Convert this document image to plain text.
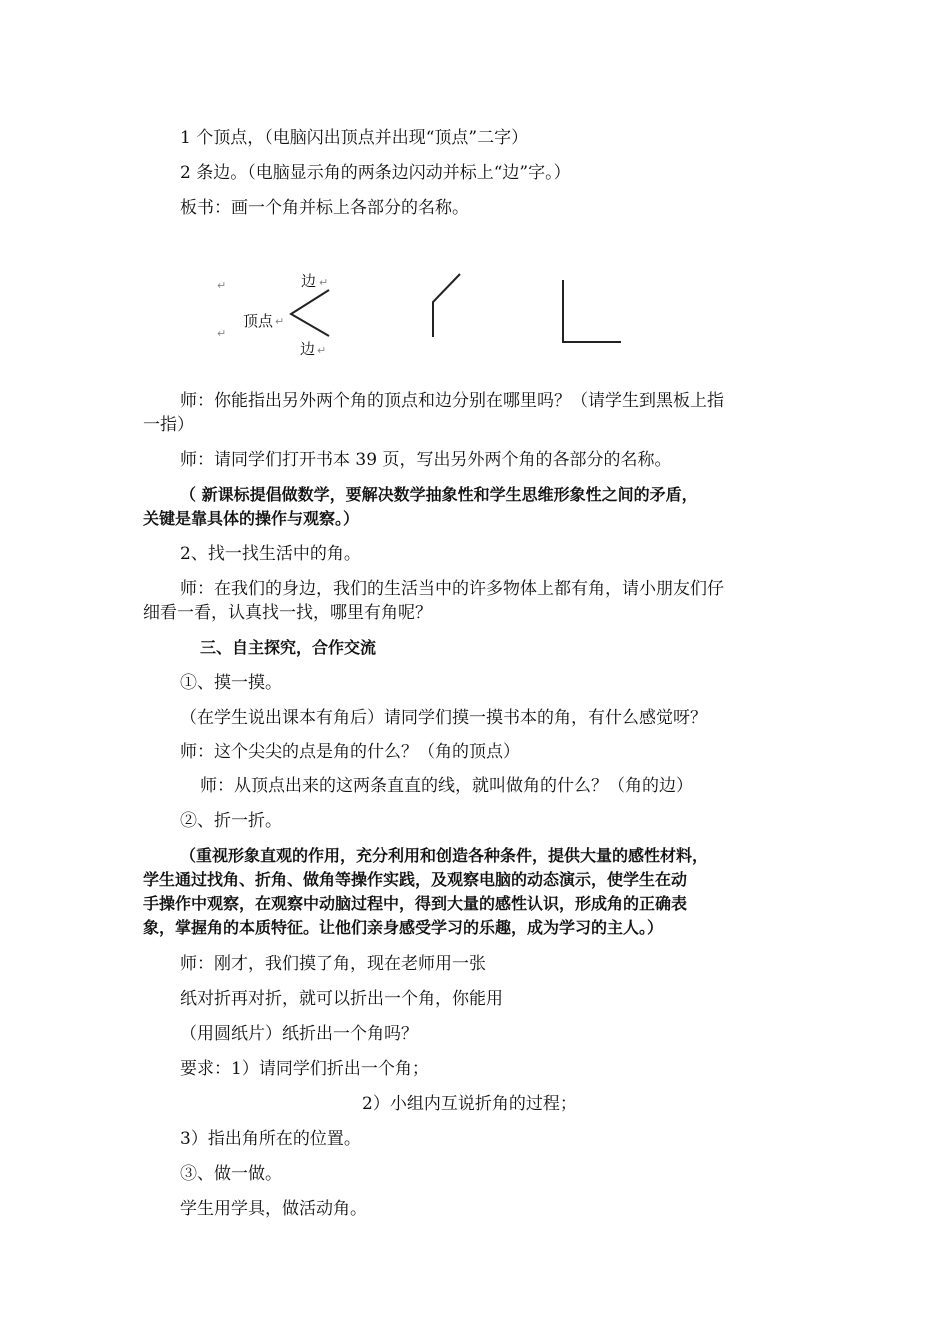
1 个顶点，（电脑闪出顶点并出现“顶点”二字）
2 条边。（电脑显示角的两条边闪动并标上“边”字。）
板书：画一个角并标上各部分的名称。
↵
↵
边 ↵
顶点 ↵
边 ↵
师：你能指出另外两个角的顶点和边分别在哪里吗？（请学生到黑板上指
一指）
师：请同学们打开书本 39 页，写出另外两个角的各部分的名称。
（ 新课标提倡做数学，要解决数学抽象性和学生思维形象性之间的矛盾，
关键是靠具体的操作与观察。）
2、找一找生活中的角。
师：在我们的身边，我们的生活当中的许多物体上都有角，请小朋友们仔
细看一看，认真找一找，哪里有角呢？
三、自主探究，合作交流
①、摸一摸。
（在学生说出课本有角后）请同学们摸一摸书本的角，有什么感觉呀？
师：这个尖尖的点是角的什么？（角的顶点）
师：从顶点出来的这两条直直的线，就叫做角的什么？（角的边）
②、折一折。
（重视形象直观的作用，充分利用和创造各种条件，提供大量的感性材料，
学生通过找角、折角、做角等操作实践，及观察电脑的动态演示，使学生在动
手操作中观察，在观察中动脑过程中，得到大量的感性认识，形成角的正确表
象，掌握角的本质特征。让他们亲身感受学习的乐趣，成为学习的主人。）
师：刚才，我们摸了角，现在老师用一张
纸对折再对折，就可以折出一个角，你能用
（用圆纸片）纸折出一个角吗？
要求：1）请同学们折出一个角；
2）小组内互说折角的过程；
3）指出角所在的位置。
③、做一做。
学生用学具，做活动角。
